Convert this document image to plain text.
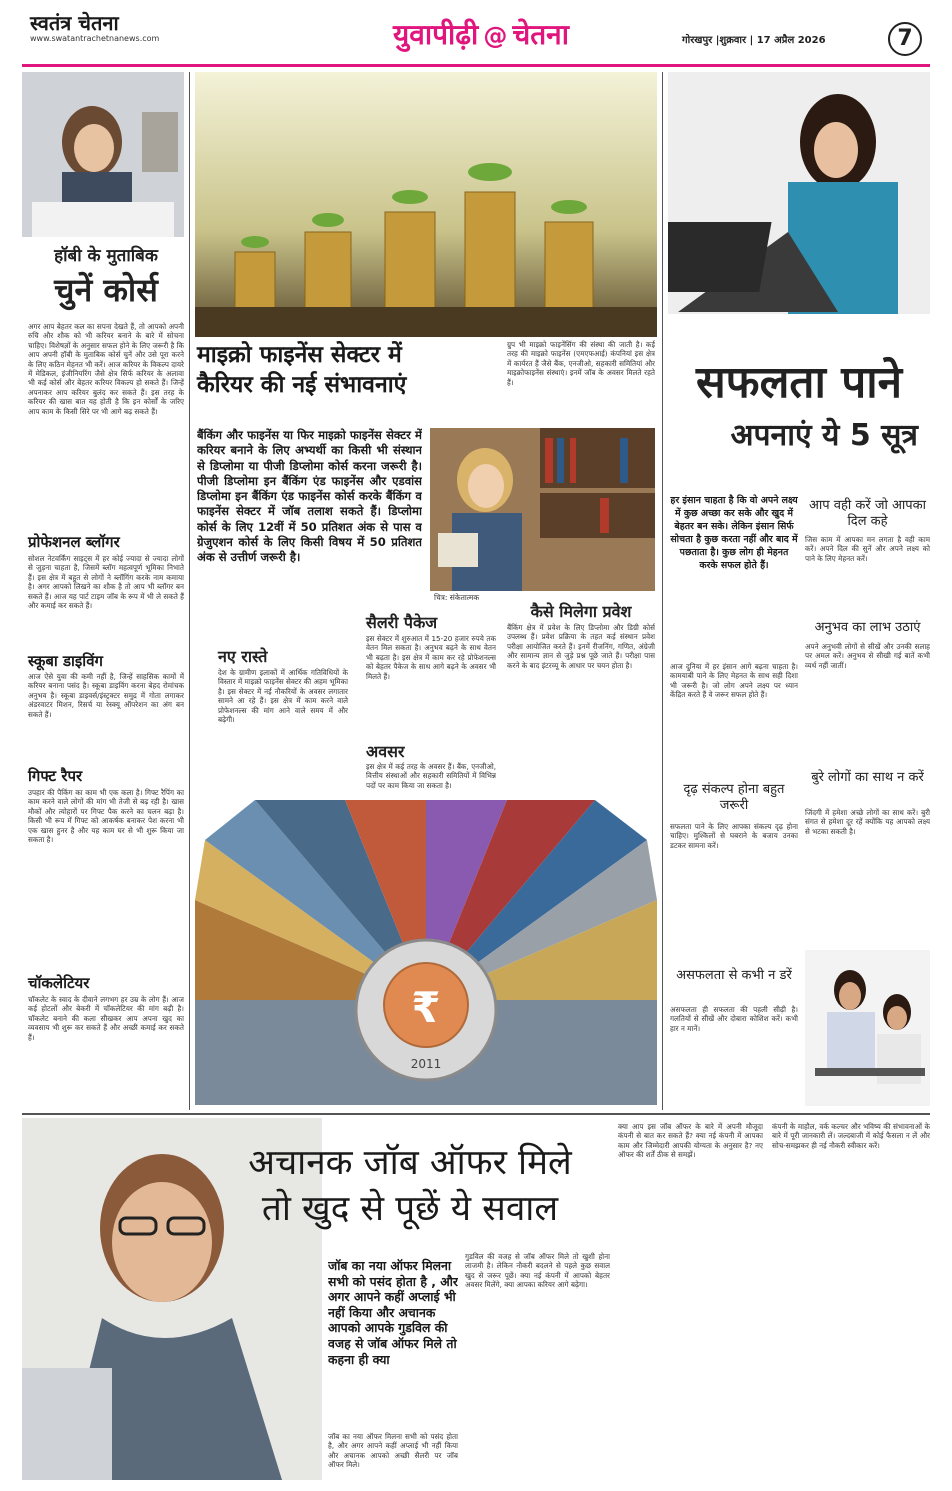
स्वतंत्र चेतना
www.swatantrachetnanews.com	युवापीढ़ी @ चेतना	गोरखपुर |शुक्रवार | 17 अप्रैल 2026	7
हॉबी के मुताबिक
चुनें कोर्स
अगर आप बेहतर कल का सपना देखते हैं, तो आपको अपनी रुचि और शौक को भी करियर बनाने के बारे में सोचना चाहिए। विशेषज्ञों के अनुसार सफल होने के लिए जरूरी है कि आप अपनी हॉबी के मुताबिक कोर्स चुनें और उसे पूरा करने के लिए कठिन मेहनत भी करें। आज करियर के विकल्प दायरे में मेडिकल, इंजीनियरिंग जैसे क्षेत्र सिर्फ करियर के अलावा भी कई कोर्स और बेहतर करियर विकल्प हो सकते हैं। जिन्हें अपनाकर आप करियर बुलंद कर सकते हैं। इस तरह के करियर की खास बात यह होती है कि इन कोर्सों के जरिए आप काम के किसी सिरे पर भी आगे बढ़ सकते हैं।
प्रोफेशनल ब्लॉगर
सोशल नेटवर्किंग साइट्स में हर कोई ज्यादा से ज्यादा लोगों से जुड़ना चाहता है, जिसमें ब्लॉग महत्वपूर्ण भूमिका निभाते हैं। इस क्षेत्र में बहुत से लोगों ने ब्लॉगिंग करके नाम कमाया है। अगर आपको लिखने का शौक है तो आप भी ब्लॉगर बन सकते हैं। आज यह पार्ट टाइम जॉब के रूप में भी ले सकते हैं और कमाई कर सकते हैं।
स्कूबा डाइविंग
आज ऐसे युवा की कमी नहीं है, जिन्हें साहसिक कामों में करियर बनाना पसंद है। स्कूबा डाइविंग करना बेहद रोमांचक अनुभव है। स्कूबा डाइवर्स/इंस्ट्रक्टर समुद्र में गोता लगाकर अंडरवाटर मिशन, रिसर्च या रेस्क्यू ऑपरेशन का अंग बन सकते हैं।
गिफ्ट रैपर
उपहार की पैकिंग का काम भी एक कला है। गिफ्ट रैपिंग का काम करने वाले लोगों की मांग भी तेजी से बढ़ रही है। खास मौकों और त्योहारों पर गिफ्ट पैक करने का चलन बढ़ा है। किसी भी रूप में गिफ्ट को आकर्षक बनाकर पेश करना भी एक खास हुनर है और यह काम घर से भी शुरू किया जा सकता है।
चॉकलेटियर
चॉकलेट के स्वाद के दीवाने लगभग हर उम्र के लोग हैं। आज कई होटलों और बेकरी में चॉकलेटियर की मांग बढ़ी है। चॉकलेट बनाने की कला सीखकर आप अपना खुद का व्यवसाय भी शुरू कर सकते हैं और अच्छी कमाई कर सकते हैं।
माइक्रो फाइनेंस सेक्टर में
कैरियर की नई संभावनाएं
ग्रुप भी माइक्रो फाइनेंसिंग की संस्था की जाती है। कई तरह की माइक्रो फाइनेंस (एमएफआई) कंपनियां इस क्षेत्र में कार्यरत हैं जैसे बैंक, एनजीओ, सहकारी समितियां और माइक्रोफाइनेंस संस्थाएं। इनमें जॉब के अवसर मिलते रहते हैं।
बैंकिंग और फाइनेंस या फिर माइक्रो फाइनेंस सेक्टर में करियर बनाने के लिए अभ्यर्थी का किसी भी संस्थान से डिप्लोमा या पीजी डिप्लोमा कोर्स करना जरूरी है। पीजी डिप्लोमा इन बैंकिंग एंड फाइनेंस और एडवांस डिप्लोमा इन बैंकिंग एंड फाइनेंस कोर्स करके बैंकिंग व फाइनेंस सेक्टर में जॉब तलाश सकते हैं। डिप्लोमा कोर्स के लिए 12वीं में 50 प्रतिशत अंक से पास व ग्रेजुएशन कोर्स के लिए किसी विषय में 50 प्रतिशत अंक से उत्तीर्ण जरूरी है।
चित्र: संकेतात्मक
नए रास्ते
देश के ग्रामीण इलाकों में आर्थिक गतिविधियों के विस्तार में माइक्रो फाइनेंस सेक्टर की अहम भूमिका है। इस सेक्टर में नई नौकरियों के अवसर लगातार सामने आ रहे हैं। इस क्षेत्र में काम करने वाले प्रोफेशनल्स की मांग आने वाले समय में और बढ़ेगी।
सैलरी पैकेज
इस सेक्टर में शुरुआत में 15-20 हजार रुपये तक वेतन मिल सकता है। अनुभव बढ़ने के साथ वेतन भी बढ़ता है। इस क्षेत्र में काम कर रहे प्रोफेशनल्स को बेहतर पैकेज के साथ आगे बढ़ने के अवसर भी मिलते हैं।
अवसर
इस क्षेत्र में कई तरह के अवसर हैं। बैंक, एनजीओ, वित्तीय संस्थाओं और सहकारी समितियों में विभिन्न पदों पर काम किया जा सकता है।
कैसे मिलेगा प्रवेश
बैंकिंग क्षेत्र में प्रवेश के लिए डिप्लोमा और डिग्री कोर्स उपलब्ध हैं। प्रवेश प्रक्रिया के तहत कई संस्थान प्रवेश परीक्षा आयोजित करते हैं। इनमें रीजनिंग, गणित, अंग्रेजी और सामान्य ज्ञान से जुड़े प्रश्न पूछे जाते हैं। परीक्षा पास करने के बाद इंटरव्यू के आधार पर चयन होता है।
₹
2011
सफलता पाने
अपनाएं ये 5 सूत्र
हर इंसान चाहता है कि वो अपने लक्ष्य में कुछ अच्छा कर सके और खुद में बेहतर बन सके। लेकिन इंसान सिर्फ सोचता है कुछ करता नहीं और बाद में पछताता है। कुछ लोग ही मेहनत करके सफल होते हैं।
आज दुनिया में हर इंसान आगे बढ़ना चाहता है। कामयाबी पाने के लिए मेहनत के साथ सही दिशा भी जरूरी है। जो लोग अपने लक्ष्य पर ध्यान केंद्रित करते हैं वे जरूर सफल होते हैं।
आप वही करें जो आपका दिल कहे
जिस काम में आपका मन लगता है वही काम करें। अपने दिल की सुनें और अपने लक्ष्य को पाने के लिए मेहनत करें।
अनुभव का लाभ उठाएं
अपने अनुभवी लोगों से सीखें और उनकी सलाह पर अमल करें। अनुभव से सीखी गई बातें कभी व्यर्थ नहीं जातीं।
दृढ़ संकल्प होना बहुत जरूरी
सफलता पाने के लिए आपका संकल्प दृढ़ होना चाहिए। मुश्किलों से घबराने के बजाय उनका डटकर सामना करें।
बुरे लोगों का साथ न करें
जिंदगी में हमेशा अच्छे लोगों का साथ करें। बुरी संगत से हमेशा दूर रहें क्योंकि यह आपको लक्ष्य से भटका सकती है।
असफलता से कभी न डरें
असफलता ही सफलता की पहली सीढ़ी है। गलतियों से सीखें और दोबारा कोशिश करें। कभी हार न मानें।
अचानक जॉब ऑफर मिले
तो खुद से पूछें ये सवाल
जॉब का नया ऑफर मिलना सभी को पसंद होता है , और अगर आपने कहीं अप्लाई भी नहीं किया और अचानक आपको आपके गुडविल की वजह से जॉब ऑफर मिले तो कहना ही क्या
जॉब का नया ऑफर मिलना सभी को पसंद होता है, और अगर आपने कहीं अप्लाई भी नहीं किया और अचानक आपको अच्छी सैलरी पर जॉब ऑफर मिले।
गुडविल की वजह से जॉब ऑफर मिले तो खुशी होना लाजमी है। लेकिन नौकरी बदलने से पहले कुछ सवाल खुद से जरूर पूछें। क्या नई कंपनी में आपको बेहतर अवसर मिलेंगे, क्या आपका करियर आगे बढ़ेगा।
क्या आप इस जॉब ऑफर के बारे में अपनी मौजूदा कंपनी से बात कर सकते हैं? क्या नई कंपनी में आपका काम और जिम्मेदारी आपकी योग्यता के अनुसार है? नए ऑफर की शर्तें ठीक से समझें।
कंपनी के माहौल, वर्क कल्चर और भविष्य की संभावनाओं के बारे में पूरी जानकारी लें। जल्दबाजी में कोई फैसला न लें और सोच-समझकर ही नई नौकरी स्वीकार करें।
